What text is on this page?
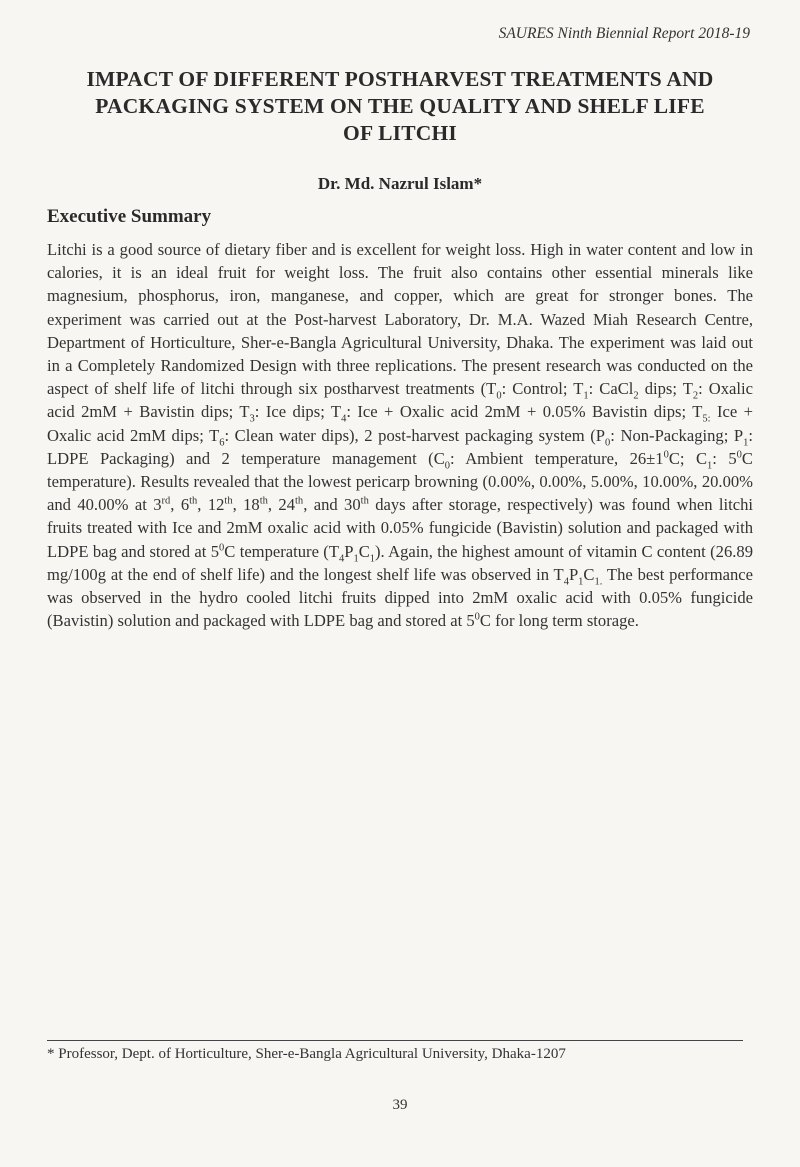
SAURES Ninth Biennial Report 2018-19
IMPACT OF DIFFERENT POSTHARVEST TREATMENTS AND
PACKAGING SYSTEM ON THE QUALITY AND SHELF LIFE
OF LITCHI
Dr. Md. Nazrul Islam*
Executive Summary
Litchi is a good source of dietary fiber and is excellent for weight loss. High in water content and low in calories, it is an ideal fruit for weight loss. The fruit also contains other essential minerals like magnesium, phosphorus, iron, manganese, and copper, which are great for stronger bones. The experiment was carried out at the Post-harvest Laboratory, Dr. M.A. Wazed Miah Research Centre, Department of Horticulture, Sher-e-Bangla Agricultural University, Dhaka. The experiment was laid out in a Completely Randomized Design with three replications. The present research was conducted on the aspect of shelf life of litchi through six postharvest treatments ($T_0$: Control; $T_1$: CaCl$_2$ dips; $T_2$: Oxalic acid 2mM + Bavistin dips; $T_3$: Ice dips; $T_4$: Ice + Oxalic acid 2mM + 0.05% Bavistin dips; $T_{5:}$ Ice + Oxalic acid 2mM dips; $T_6$: Clean water dips), 2 post-harvest packaging system ($P_0$: Non-Packaging; $P_1$: LDPE Packaging) and 2 temperature management ($C_0$: Ambient temperature, $26\pm 1^0C$; $C_1$: $5^0C$ temperature). Results revealed that the lowest pericarp browning (0.00%, 0.00%, 5.00%, 10.00%, 20.00% and 40.00% at 3rd, 6th, 12th, 18th, 24th, and 30th days after storage, respectively) was found when litchi fruits treated with Ice and 2mM oxalic acid with 0.05% fungicide (Bavistin) solution and packaged with LDPE bag and stored at $5^0C$ temperature $(T_4P_1C_1)$. Again, the highest amount of vitamin C content (26.89 mg/100g at the end of shelf life) and the longest shelf life was observed in $T_4P_1C_{1.}$ The best performance was observed in the hydro cooled litchi fruits dipped into 2mM oxalic acid with 0.05% fungicide (Bavistin) solution and packaged with LDPE bag and stored at $5^0C$ for long term storage.
* Professor, Dept. of Horticulture, Sher-e-Bangla Agricultural University, Dhaka-1207
39
